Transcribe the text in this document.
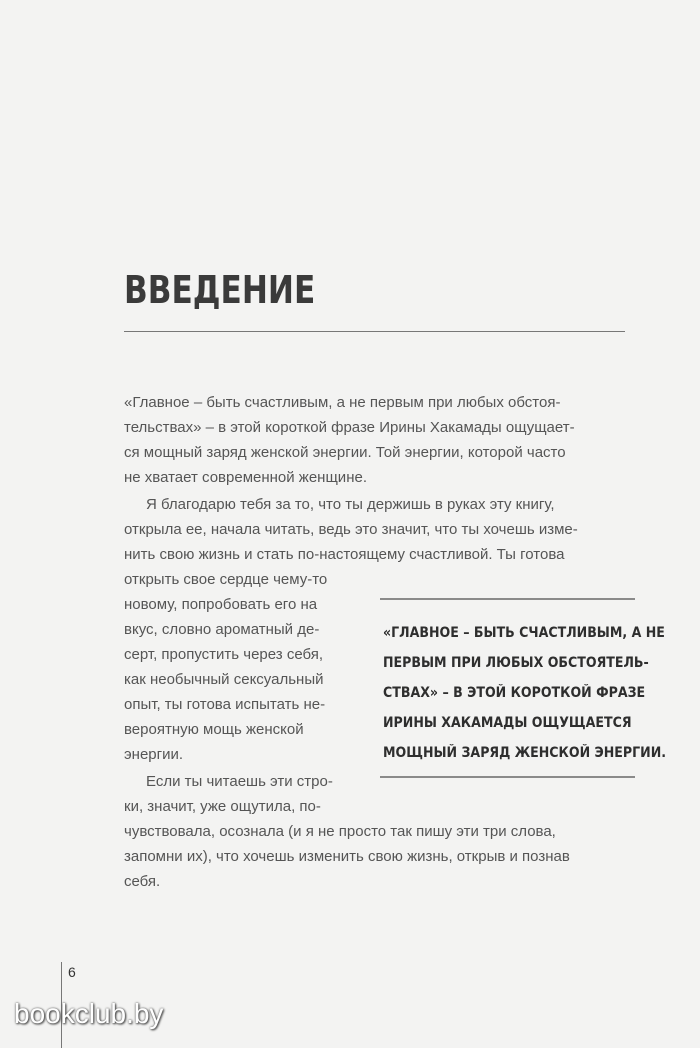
ВВЕДЕНИЕ
«Главное – быть счастливым, а не первым при любых обстоя-
тельствах» – в этой короткой фразе Ирины Хакамады ощущает-
ся мощный заряд женской энергии. Той энергии, которой часто
не хватает современной женщине.
Я благодарю тебя за то, что ты держишь в руках эту книгу,
открыла ее, начала читать, ведь это значит, что ты хочешь изме-
нить свою жизнь и стать по-настоящему счастливой. Ты готова
открыть свое сердце чему-то
новому, попробовать его на
вкус, словно ароматный де-
серт, пропустить через себя,
как необычный сексуальный
опыт, ты готова испытать не-
вероятную мощь женской
энергии.
Если ты читаешь эти стро-
ки, значит, уже ощутила, по-
чувствовала, осознала (и я не просто так пишу эти три слова,
запомни их), что хочешь изменить свою жизнь, открыв и познав
себя.
«ГЛАВНОЕ – БЫТЬ СЧАСТЛИВЫМ, А НЕ
ПЕРВЫМ ПРИ ЛЮБЫХ ОБСТОЯТЕЛЬ-
СТВАХ» – В ЭТОЙ КОРОТКОЙ ФРАЗЕ
ИРИНЫ ХАКАМАДЫ ОЩУЩАЕТСЯ
МОЩНЫЙ ЗАРЯД ЖЕНСКОЙ ЭНЕРГИИ.
6
bookclub.by
